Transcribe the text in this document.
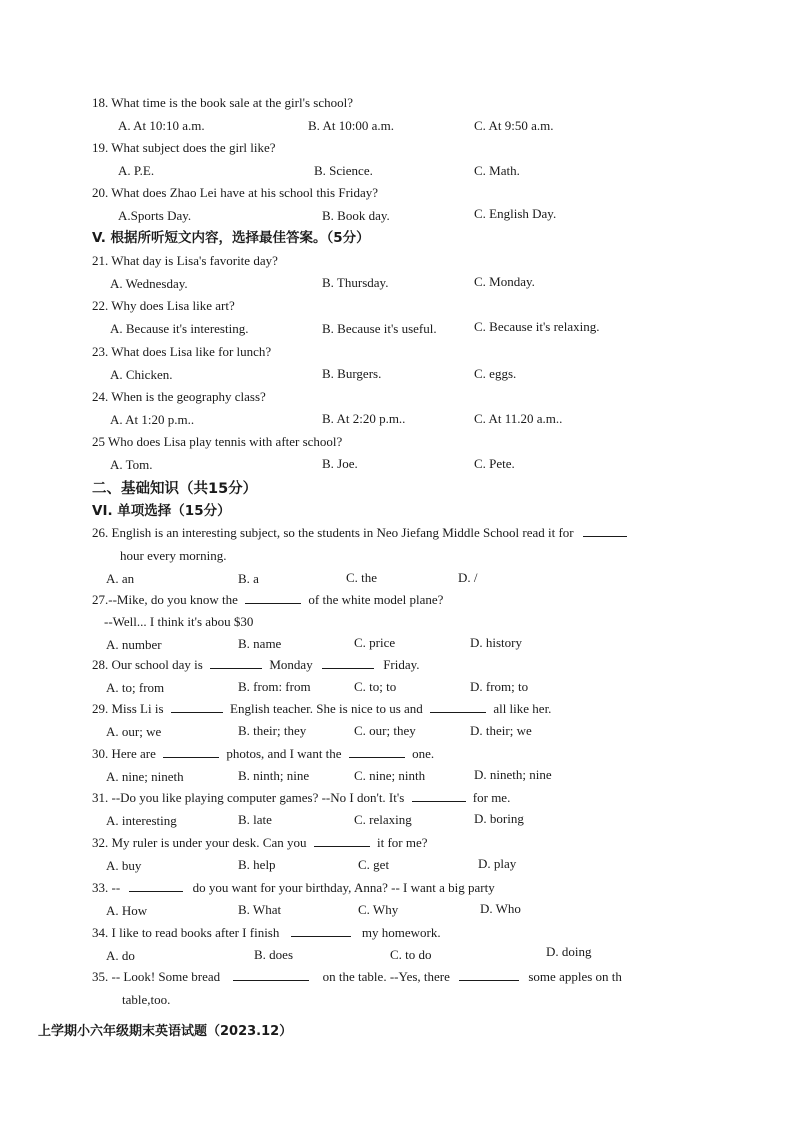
18. What time is the book sale at the girl's school?
A. At 10:10 a.m.	B. At 10:00 a.m.	C. At 9:50 a.m.
19. What subject does the girl like?
A. P.E.	B. Science.	C. Math.
20. What does Zhao Lei have at his school this Friday?
A.Sports Day.	B. Book day.	C. English Day.
V. 根据所听短文内容，选择最佳答案。（5分）
21. What day is Lisa's favorite day?
A. Wednesday.	B. Thursday.	C. Monday.
22. Why does Lisa like art?
A. Because it's interesting.	B. Because it's useful.	C. Because it's relaxing.
23. What does Lisa like for lunch?
A. Chicken.	B. Burgers.	C. eggs.
24. When is the geography class?
A. At 1:20 p.m..	B. At 2:20 p.m..	C. At 11.20 a.m..
25 Who does Lisa play tennis with after school?
A. Tom.	B. Joe.	C. Pete.
二、基础知识（共15分）
VI. 单项选择（15分）
26. English is an interesting subject, so the students in Neo Jiefang Middle School read it for
hour every morning.
A. an	B. a	C. the	D. /
27.--Mike, do you know the	of the white model plane?
--Well... I think it's abou $30
A. number	B. name	C. price	D. history
28. Our school day is	Monday	Friday.
A. to; from	B. from: from	C. to; to	D. from; to
29. Miss Li is	English teacher. She is nice to us and	all like her.
A. our; we	B. their; they	C. our; they	D. their; we
30. Here are	photos, and I want the	one.
A. nine; nineth	B. ninth; nine	C. nine; ninth	D. nineth; nine
31. --Do you like playing computer games? --No I don't. It's	for me.
A. interesting	B. late	C. relaxing	D. boring
32. My ruler is under your desk. Can you	it for me?
A. buy	B. help	C. get	D. play
33. --	do you want for your birthday, Anna? -- I want a big party
A. How	B. What	C. Why	D. Who
34. I like to read books after I finish	my homework.
A. do	B. does	C. to do	D. doing
35. -- Look! Some bread	on the table. --Yes, there	some apples on th
table,too.
上学期小六年级期末英语试题（2023.12）
